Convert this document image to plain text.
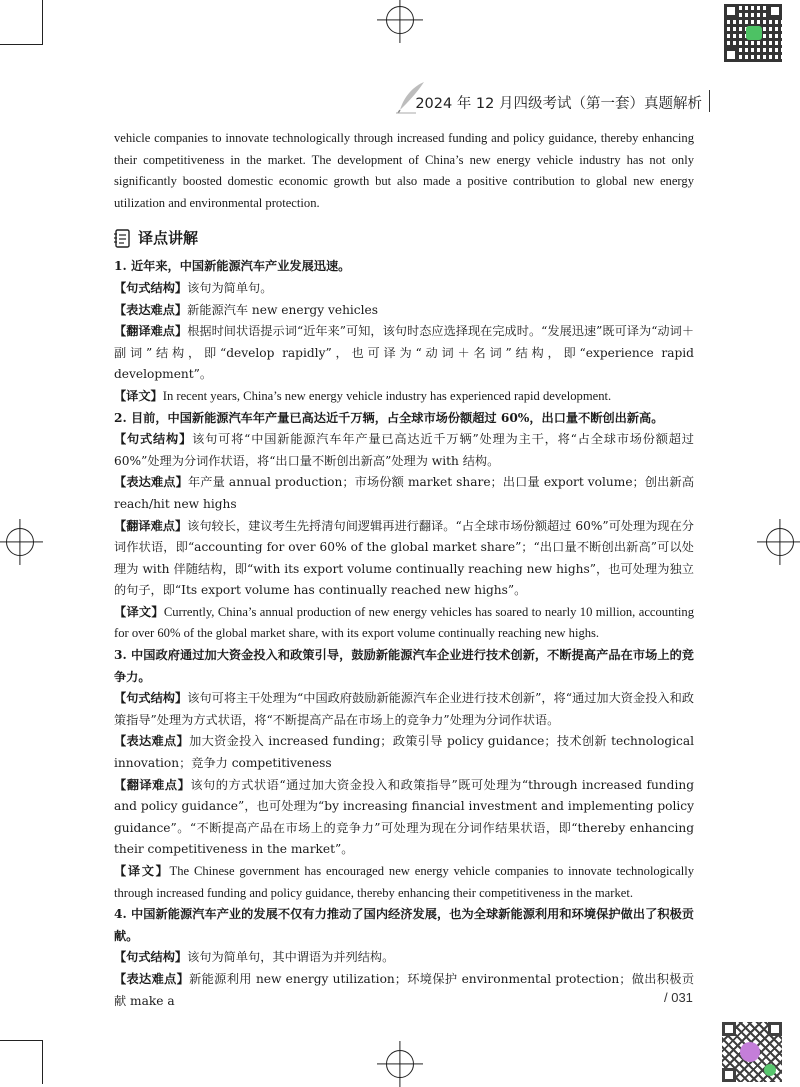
2024 年 12 月四级考试（第一套）真题解析

vehicle companies to innovate technologically through increased funding and policy guidance, thereby enhancing their competitiveness in the market. The development of China’s new energy vehicle industry has not only significantly boosted domestic economic growth but also made a positive contribution to global new energy utilization and environmental protection.

译点讲解

1. 近年来，中国新能源汽车产业发展迅速。

【句式结构】该句为简单句。

【表达难点】新能源汽车 new energy vehicles

【翻译难点】根据时间状语提示词“近年来”可知，该句时态应选择现在完成时。“发展迅速”既可译为“动词＋副词”结构，即“develop rapidly”，也可译为“动词＋名词”结构，即“experience rapid development”。

【译文】In recent years, China’s new energy vehicle industry has experienced rapid development.

2. 目前，中国新能源汽车年产量已高达近千万辆，占全球市场份额超过 60%，出口量不断创出新高。

【句式结构】该句可将“中国新能源汽车年产量已高达近千万辆”处理为主干，将“占全球市场份额超过 60%”处理为分词作状语，将“出口量不断创出新高”处理为 with 结构。

【表达难点】年产量 annual production；市场份额 market share；出口量 export volume；创出新高 reach/hit new highs

【翻译难点】该句较长，建议考生先捋清句间逻辑再进行翻译。“占全球市场份额超过 60%”可处理为现在分词作状语，即“accounting for over 60% of the global market share”；“出口量不断创出新高”可以处理为 with 伴随结构，即“with its export volume continually reaching new highs”，也可处理为独立的句子，即“Its export volume has continually reached new highs”。

【译文】Currently, China’s annual production of new energy vehicles has soared to nearly 10 million, accounting for over 60% of the global market share, with its export volume continually reaching new highs.

3. 中国政府通过加大资金投入和政策引导，鼓励新能源汽车企业进行技术创新，不断提高产品在市场上的竞争力。

【句式结构】该句可将主干处理为“中国政府鼓励新能源汽车企业进行技术创新”，将“通过加大资金投入和政策指导”处理为方式状语，将“不断提高产品在市场上的竞争力”处理为分词作状语。

【表达难点】加大资金投入 increased funding；政策引导 policy guidance；技术创新 technological innovation；竞争力 competitiveness

【翻译难点】该句的方式状语“通过加大资金投入和政策指导”既可处理为“through increased funding and policy guidance”，也可处理为“by increasing financial investment and implementing policy guidance”。“不断提高产品在市场上的竞争力”可处理为现在分词作结果状语，即“thereby enhancing their competitiveness in the market”。

【译文】The Chinese government has encouraged new energy vehicle companies to innovate technologically through increased funding and policy guidance, thereby enhancing their competitiveness in the market.

4. 中国新能源汽车产业的发展不仅有力推动了国内经济发展，也为全球新能源利用和环境保护做出了积极贡献。

【句式结构】该句为简单句，其中谓语为并列结构。

【表达难点】新能源利用 new energy utilization；环境保护 environmental protection；做出积极贡献 make a	/ 031
